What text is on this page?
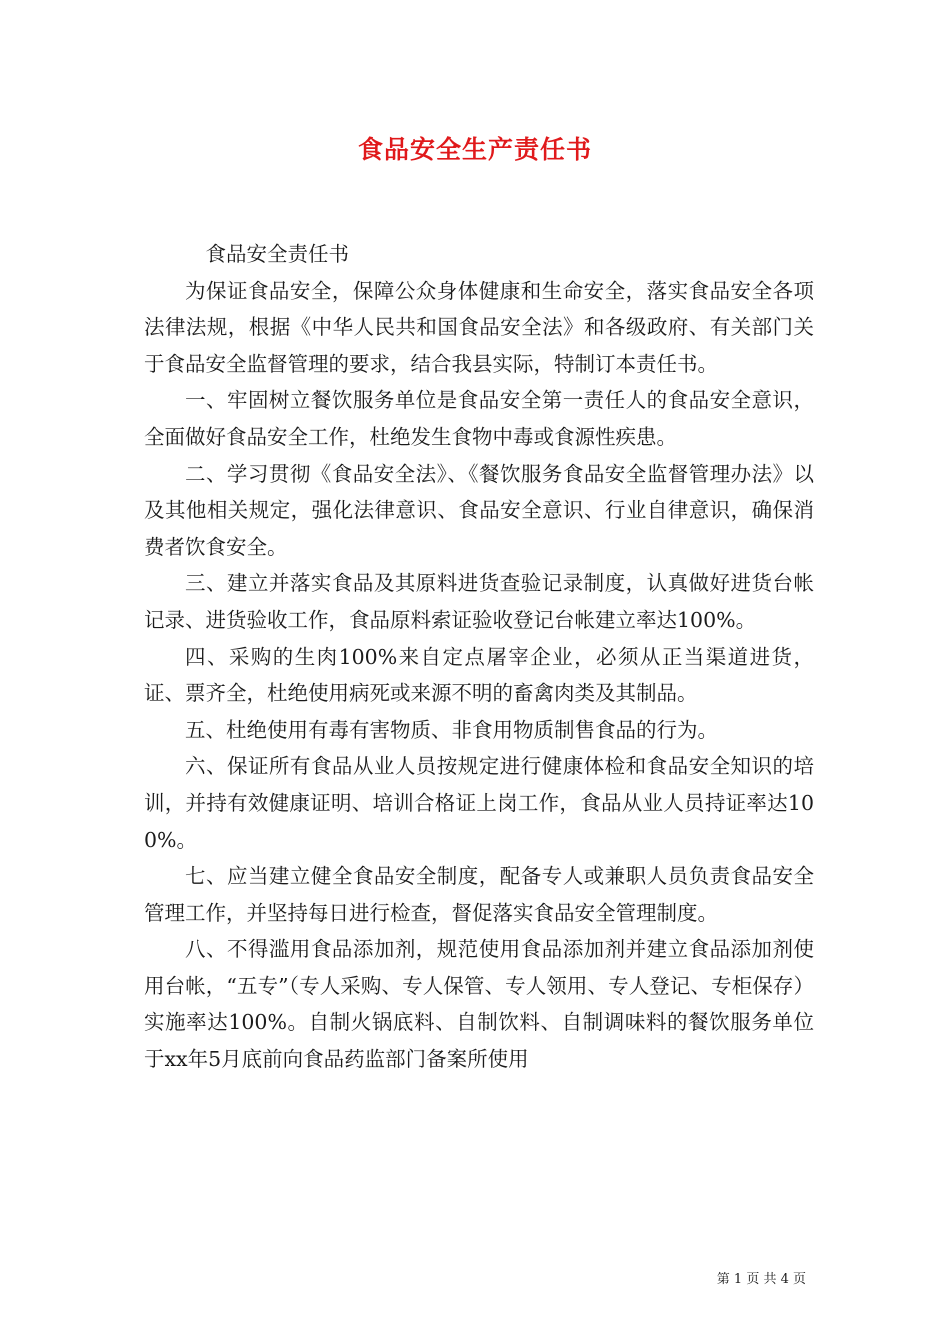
食品安全生产责任书

食品安全责任书

为保证食品安全，保障公众身体健康和生命安全，落实食品安全各项法律法规，根据《中华人民共和国食品安全法》和各级政府、有关部门关于食品安全监督管理的要求，结合我县实际，特制订本责任书。

一、牢固树立餐饮服务单位是食品安全第一责任人的食品安全意识，全面做好食品安全工作，杜绝发生食物中毒或食源性疾患。

二、学习贯彻《食品安全法》、《餐饮服务食品安全监督管理办法》以及其他相关规定，强化法律意识、食品安全意识、行业自律意识，确保消费者饮食安全。

三、建立并落实食品及其原料进货查验记录制度，认真做好进货台帐记录、进货验收工作，食品原料索证验收登记台帐建立率达100%。

四、采购的生肉100%来自定点屠宰企业，必须从正当渠道进货，证、票齐全，杜绝使用病死或来源不明的畜禽肉类及其制品。

五、杜绝使用有毒有害物质、非食用物质制售食品的行为。

六、保证所有食品从业人员按规定进行健康体检和食品安全知识的培训，并持有效健康证明、培训合格证上岗工作，食品从业人员持证率达100%。

七、应当建立健全食品安全制度，配备专人或兼职人员负责食品安全管理工作，并坚持每日进行检查，督促落实食品安全管理制度。

八、不得滥用食品添加剂，规范使用食品添加剂并建立食品添加剂使用台帐，“五专”（专人采购、专人保管、专人领用、专人登记、专柜保存）实施率达100%。自制火锅底料、自制饮料、自制调味料的餐饮服务单位于xx年5月底前向食品药监部门备案所使用

第 1 页 共 4 页
